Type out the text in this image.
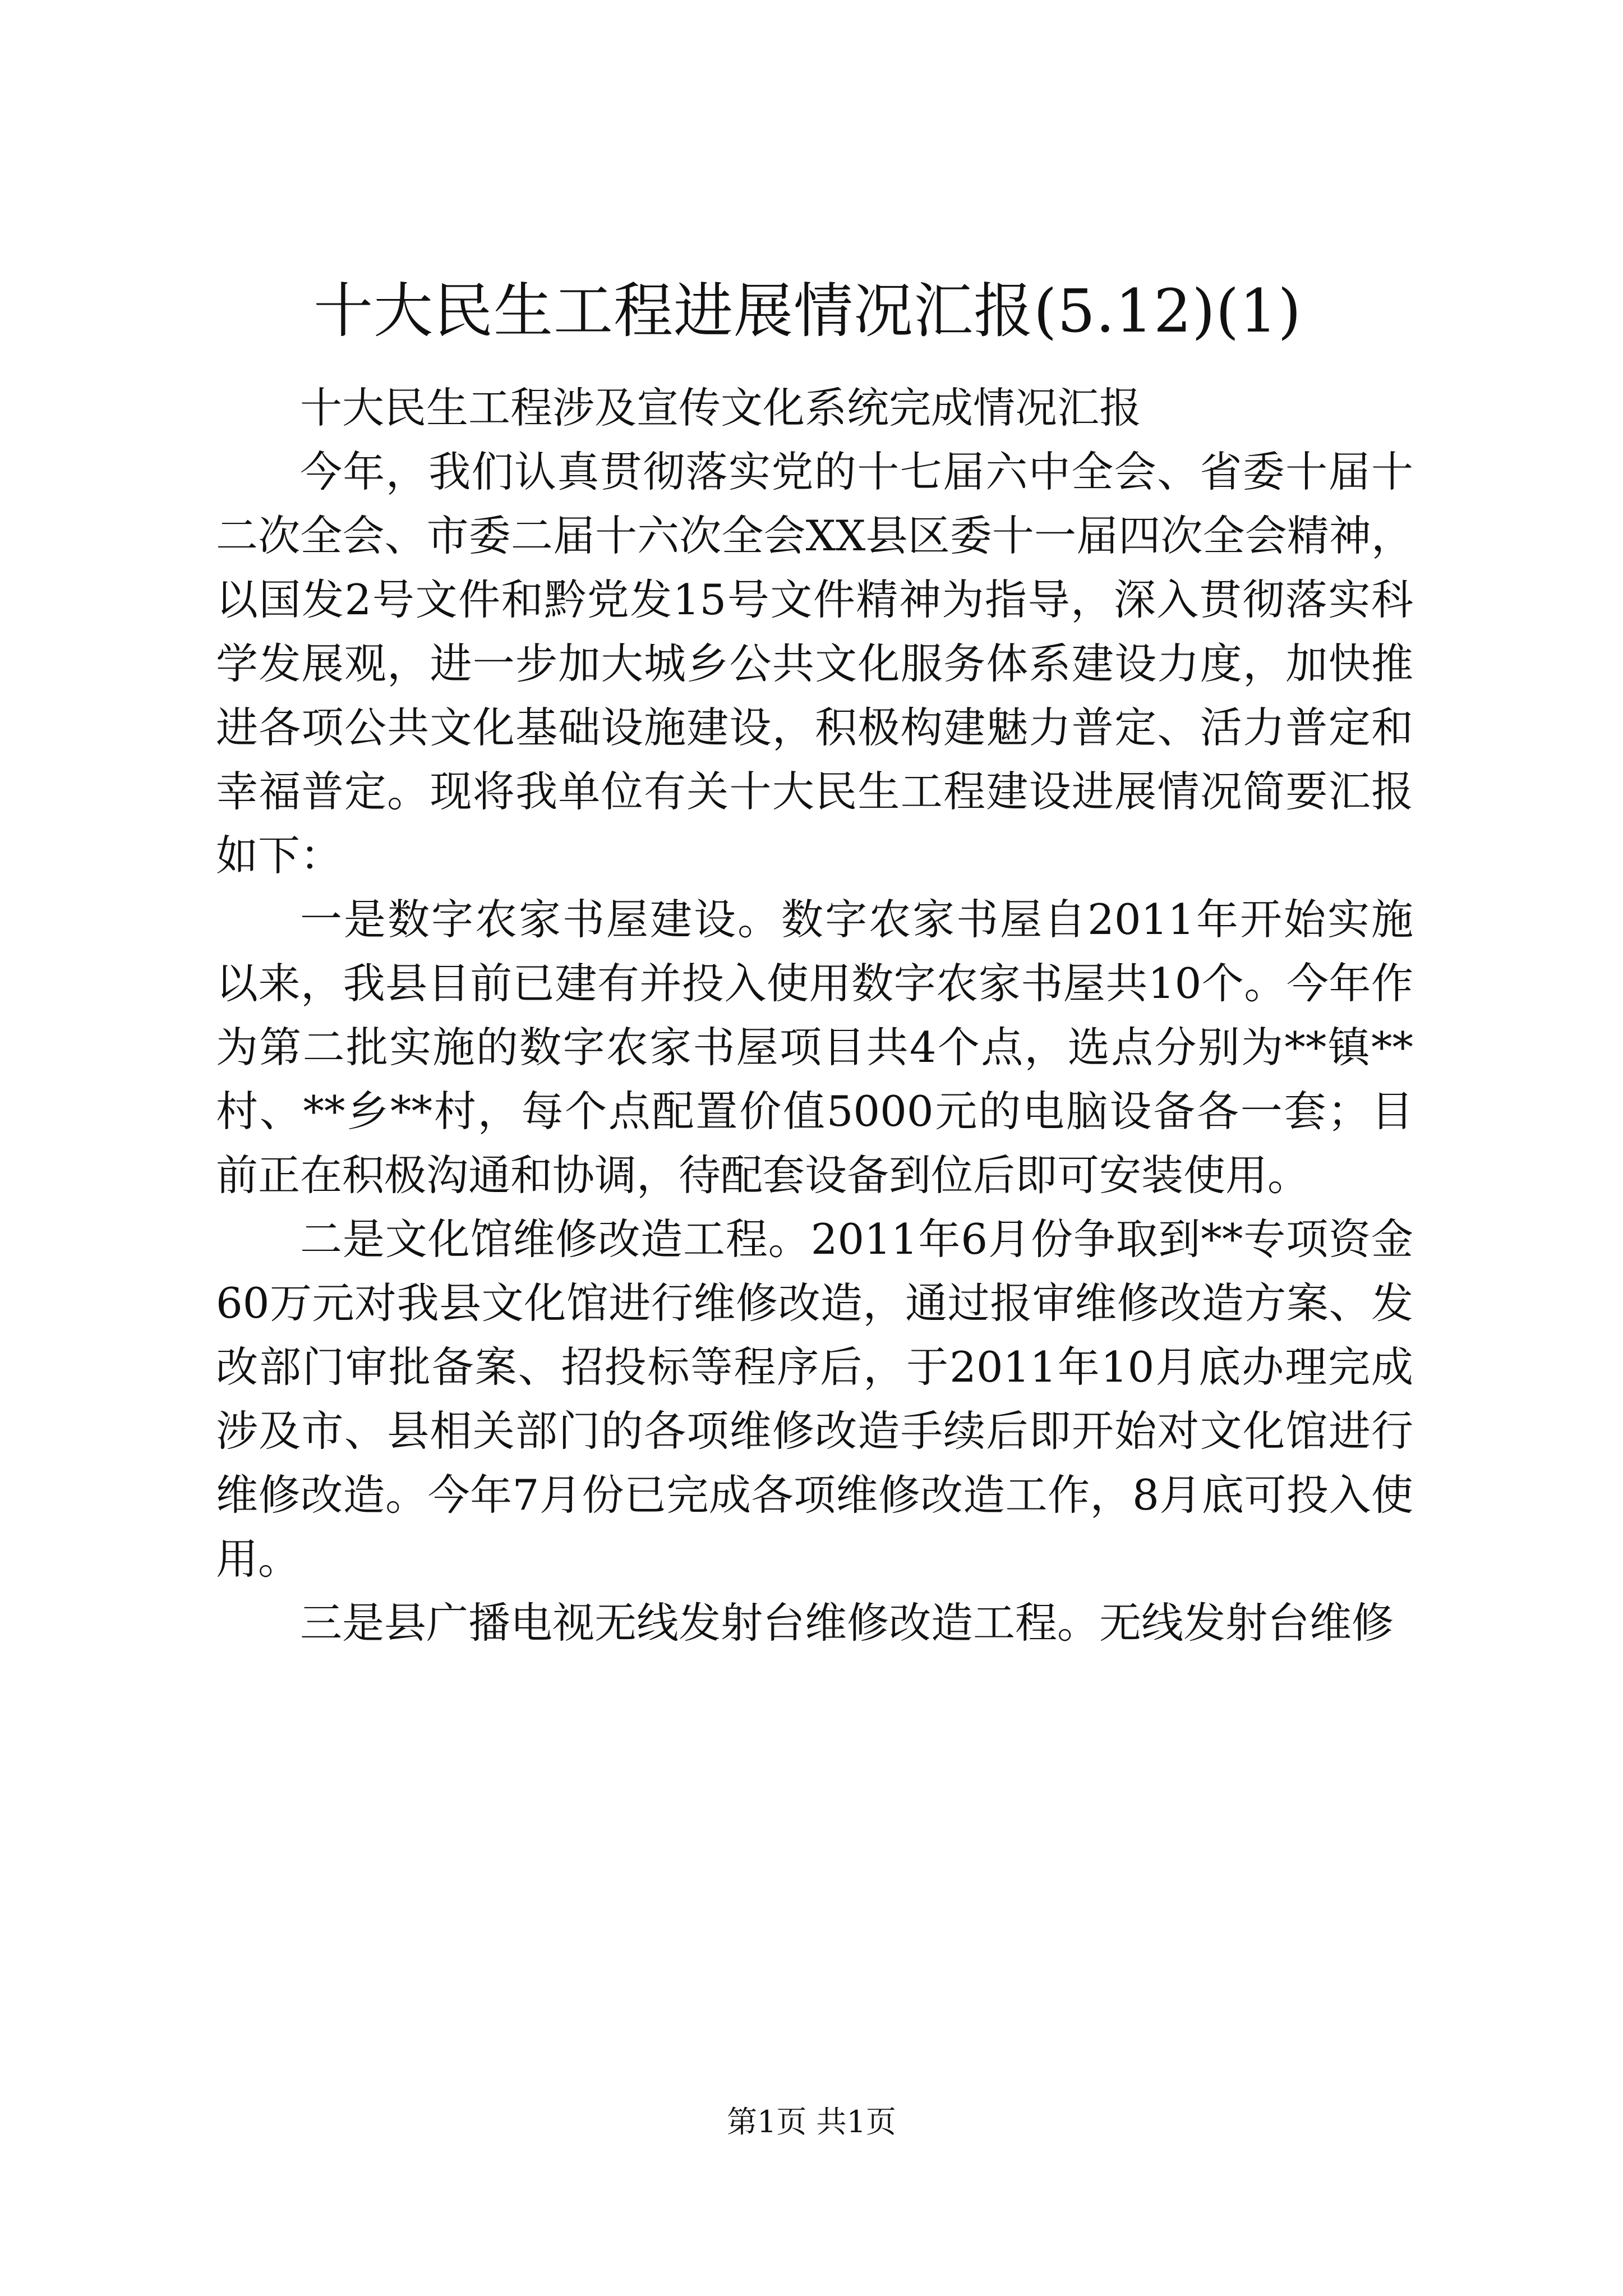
十大民生工程进展情况汇报(5.12)(1)

十大民生工程涉及宣传文化系统完成情况汇报

今年，我们认真贯彻落实党的十七届六中全会、省委十届十二次全会、市委二届十六次全会XX县区委十一届四次全会精神，以国发2号文件和黔党发15号文件精神为指导，深入贯彻落实科学发展观，进一步加大城乡公共文化服务体系建设力度，加快推进各项公共文化基础设施建设，积极构建魅力普定、活力普定和幸福普定。现将我单位有关十大民生工程建设进展情况简要汇报如下：

一是数字农家书屋建设。数字农家书屋自2011年开始实施以来，我县目前已建有并投入使用数字农家书屋共10个。今年作为第二批实施的数字农家书屋项目共4个点，选点分别为**镇**村、**乡**村，每个点配置价值5000元的电脑设备各一套；目前正在积极沟通和协调，待配套设备到位后即可安装使用。

二是文化馆维修改造工程。2011年6月份争取到**专项资金60万元对我县文化馆进行维修改造，通过报审维修改造方案、发改部门审批备案、招投标等程序后，于2011年10月底办理完成涉及市、县相关部门的各项维修改造手续后即开始对文化馆进行维修改造。今年7月份已完成各项维修改造工作，8月底可投入使用。

三是县广播电视无线发射台维修改造工程。无线发射台维修

第1页 共1页
